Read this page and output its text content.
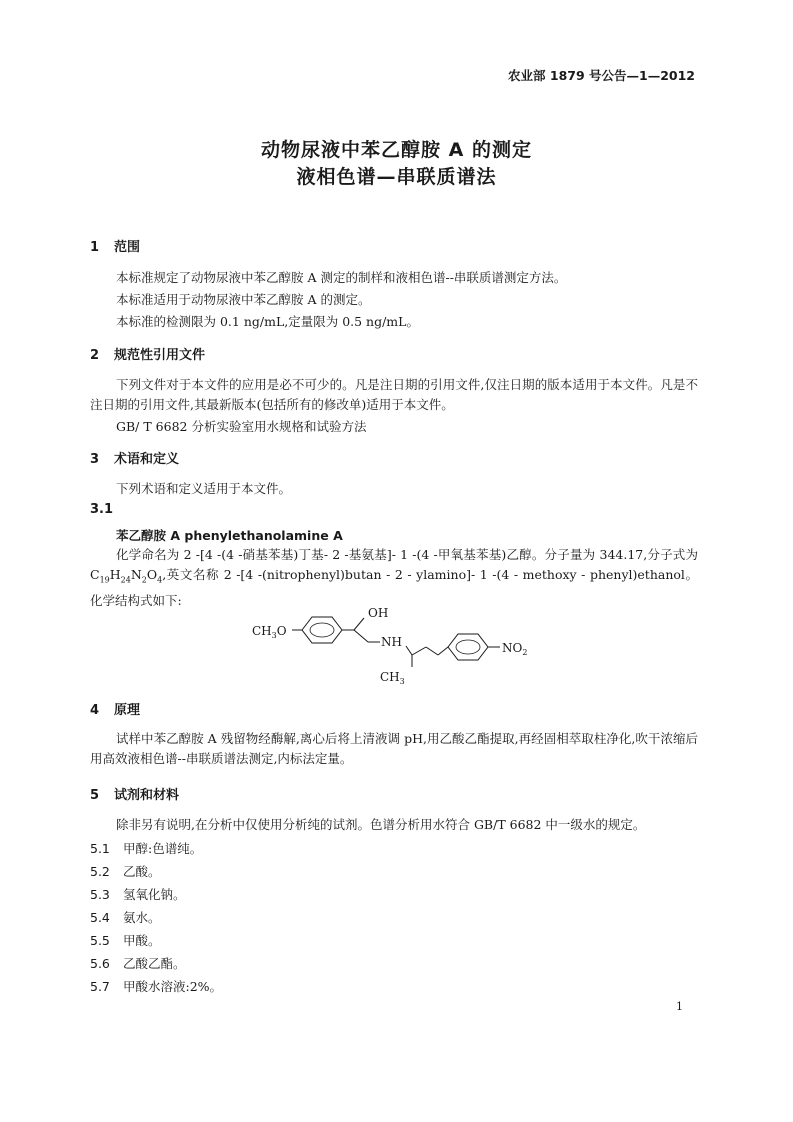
农业部 1879 号公告—1—2012
动物尿液中苯乙醇胺 A 的测定
液相色谱—串联质谱法
1 范围
本标准规定了动物尿液中苯乙醇胺 A 测定的制样和液相色谱--串联质谱测定方法。
本标准适用于动物尿液中苯乙醇胺 A 的测定。
本标准的检测限为 0.1 ng/mL,定量限为 0.5 ng/mL。
2 规范性引用文件
下列文件对于本文件的应用是必不可少的。凡是注日期的引用文件,仅注日期的版本适用于本文件。凡是不注日期的引用文件,其最新版本(包括所有的修改单)适用于本文件。
GB/ T 6682 分析实验室用水规格和试验方法
3 术语和定义
下列术语和定义适用于本文件。
3.1
苯乙醇胺 A phenylethanolamine A
化学命名为 2 -[4 -(4 -硝基苯基)丁基- 2 -基氨基]- 1 -(4 -甲氧基苯基)乙醇。分子量为 344.17,分子式为 $C_{19}H_{24}N_2O_4$,英文名称 2 -[4 -(nitrophenyl)butan - 2 - ylamino]- 1 -(4 - methoxy - phenyl)ethanol。化学结构式如下:
$CH_3O$
OH
NH
$CH_3$
$NO_2$
4 原理
试样中苯乙醇胺 A 残留物经酶解,离心后将上清液调 pH,用乙酸乙酯提取,再经固相萃取柱净化,吹干浓缩后用高效液相色谱--串联质谱法测定,内标法定量。
5 试剂和材料
除非另有说明,在分析中仅使用分析纯的试剂。色谱分析用水符合 GB/T 6682 中一级水的规定。
5.1 甲醇:色谱纯。
5.2 乙酸。
5.3 氢氧化钠。
5.4 氨水。
5.5 甲酸。
5.6 乙酸乙酯。
5.7 甲酸水溶液:2%。
1
